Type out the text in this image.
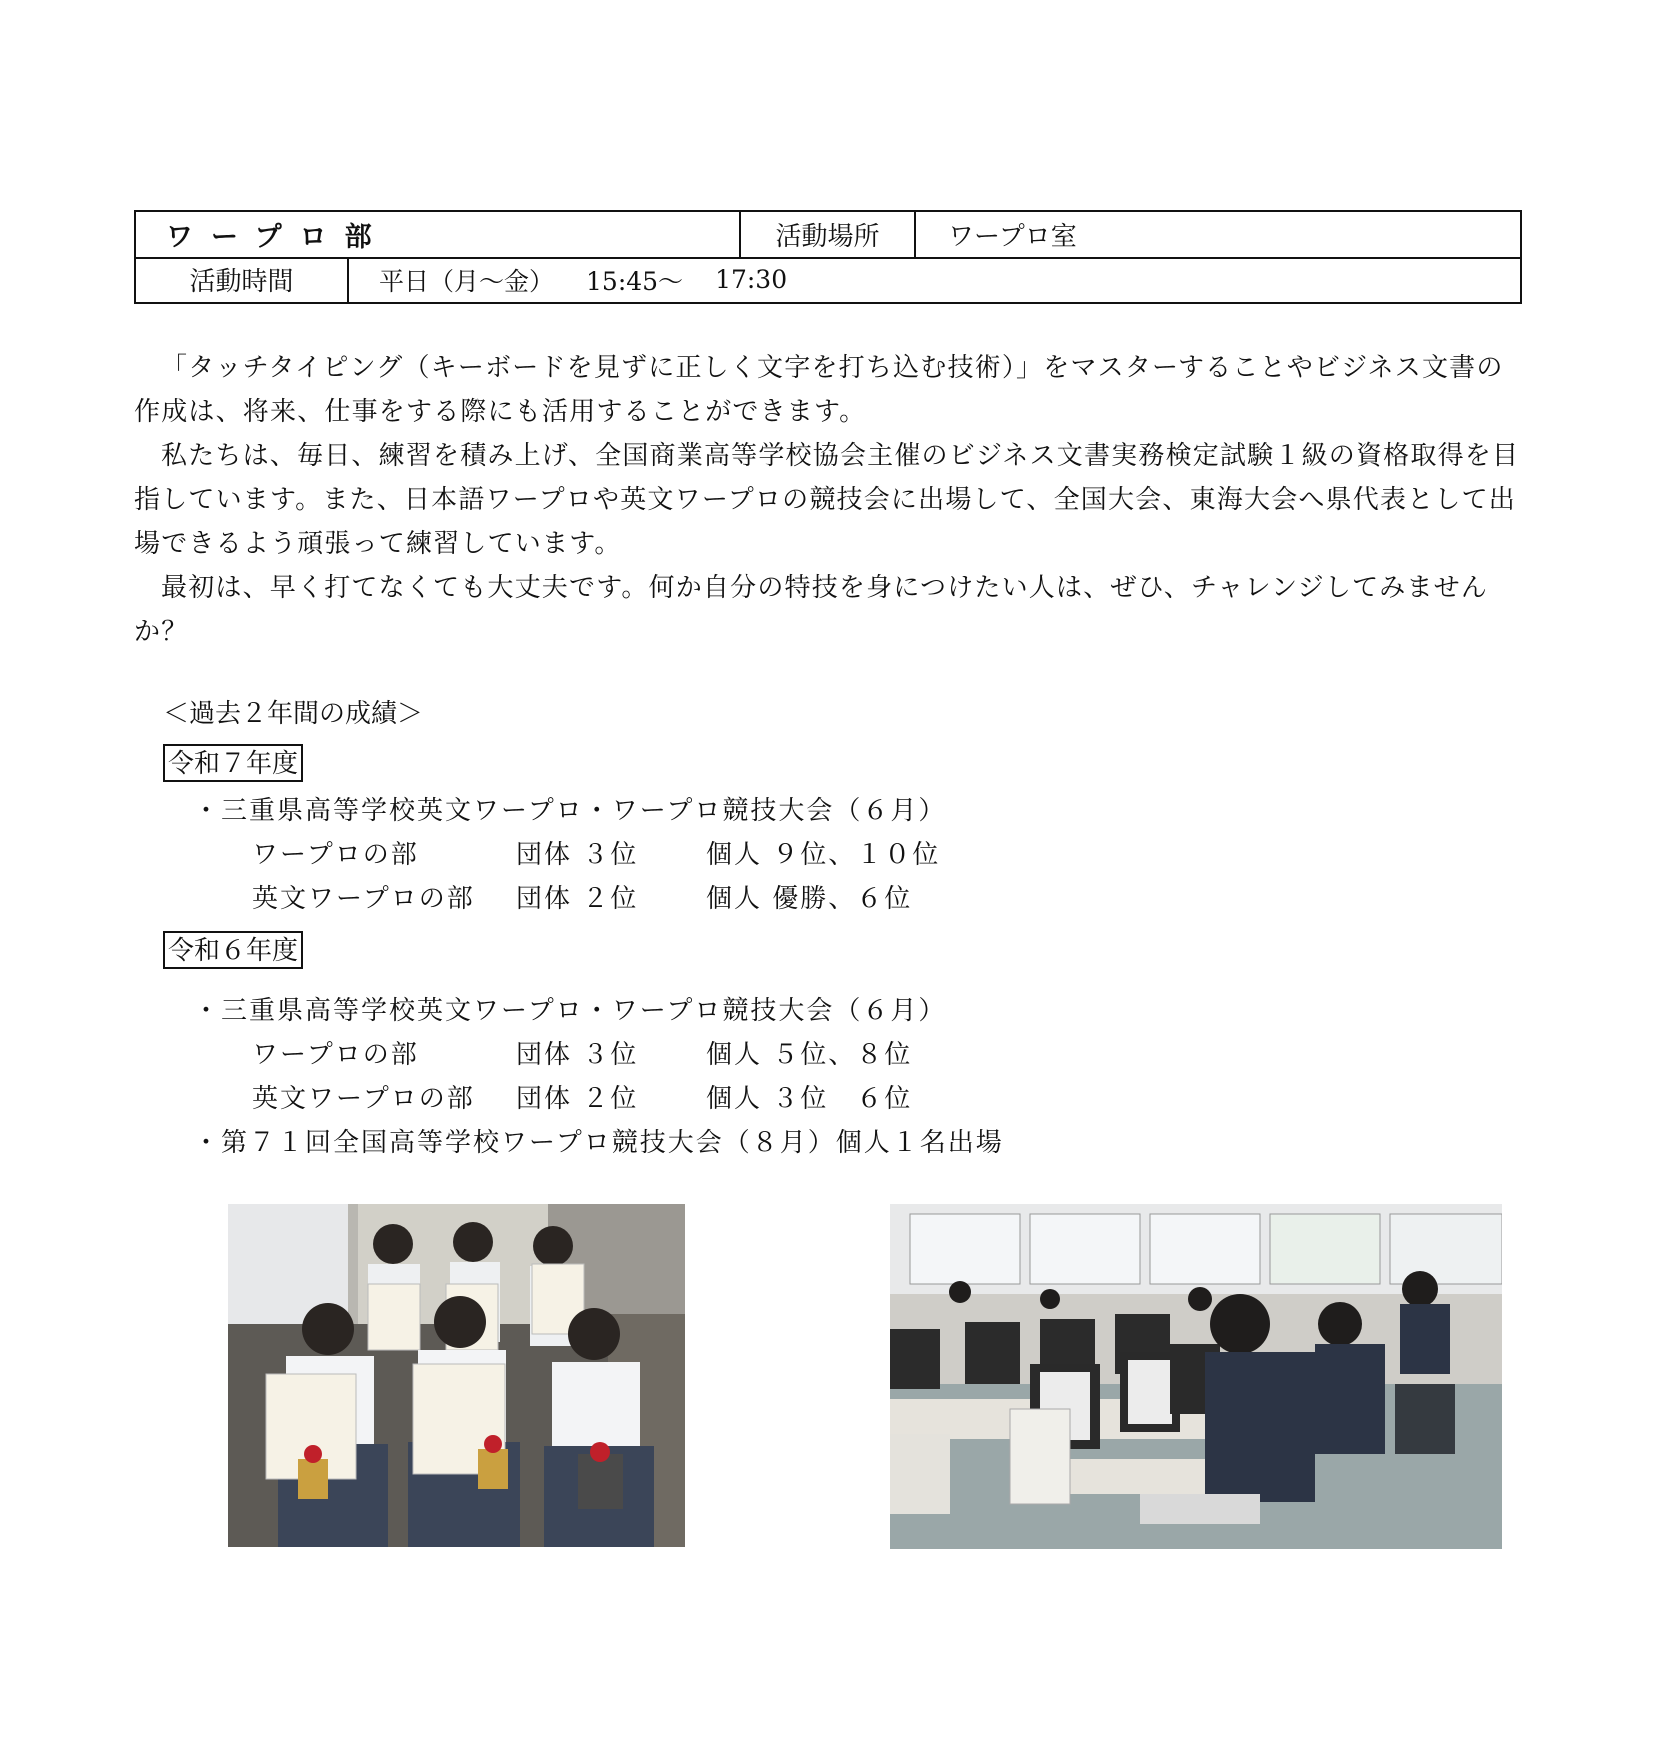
ワープロ部	活動場所	ワープロ室
活動時間	平日（月～金） 15:45～ 17:30

「タッチタイピング（キーボードを見ずに正しく文字を打ち込む技術）」をマスターすることやビジネス文書の作成は、将来、仕事をする際にも活用することができます。

私たちは、毎日、練習を積み上げ、全国商業高等学校協会主催のビジネス文書実務検定試験１級の資格取得を目指しています。また、日本語ワープロや英文ワープロの競技会に出場して、全国大会、東海大会へ県代表として出場できるよう頑張って練習しています。

最初は、早く打てなくても大丈夫です。何か自分の特技を身につけたい人は、ぜひ、チャレンジしてみませんか？

＜過去２年間の成績＞
令和７年度
・三重県高等学校英文ワープロ・ワープロ競技大会（６月）
ワープロの部	団体 ３位	個人 ９位、１０位
英文ワープロの部 団体 ２位	個人 優勝、６位
令和６年度
・三重県高等学校英文ワープロ・ワープロ競技大会（６月）
ワープロの部	団体 ３位	個人 ５位、８位
英文ワープロの部 団体 ２位	個人 ３位　６位
・第７１回全国高等学校ワープロ競技大会（８月）個人１名出場
